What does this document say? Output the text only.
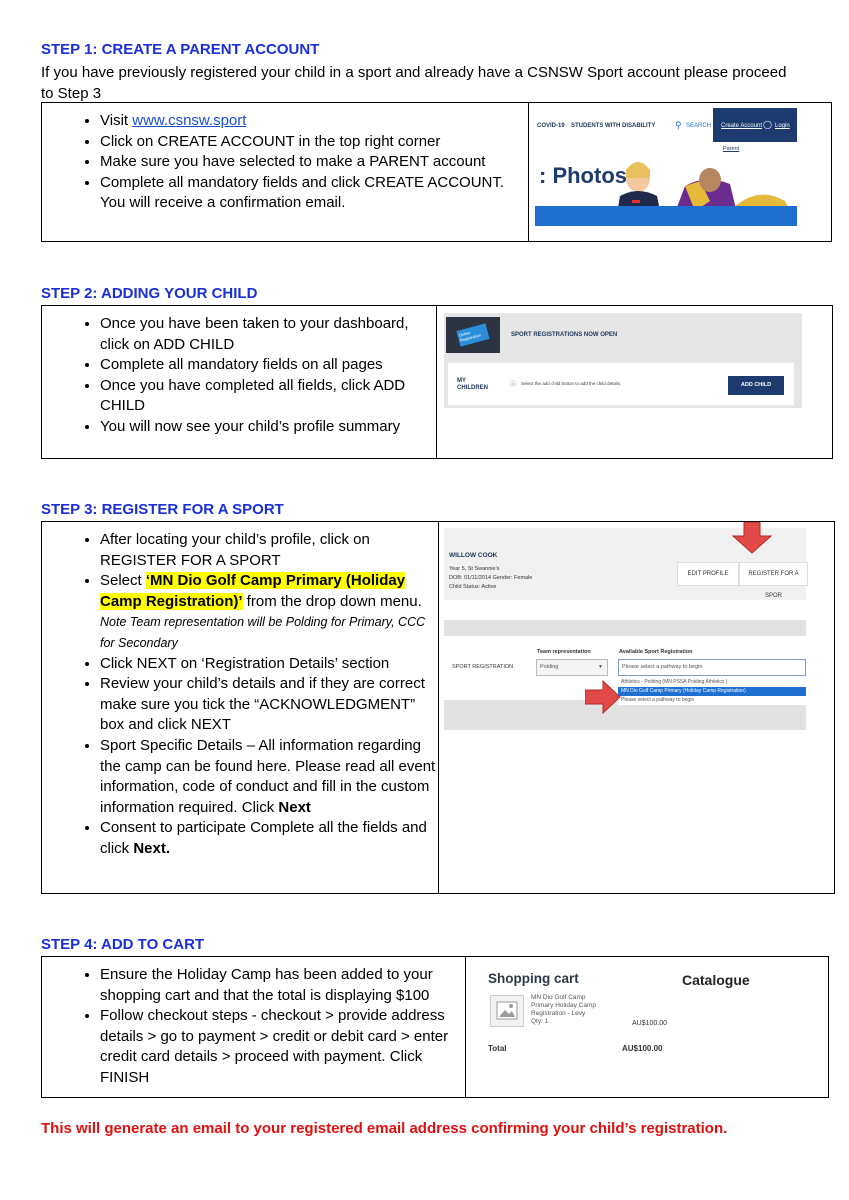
STEP 1: CREATE A PARENT ACCOUNT
If you have previously registered your child in a sport and already have a CSNSW Sport account please proceed to Step 3
• Visit www.csnsw.sport
• Click on CREATE ACCOUNT in the top right corner
• Make sure you have selected to make a PARENT account
• Complete all mandatory fields and click CREATE ACCOUNT. You will receive a confirmation email.
COVID-19 STUDENTS WITH DISABILITY ⚲ SEARCH Create Account ◯ Login
Parent
: Photos
STEP 2: ADDING YOUR CHILD
• Once you have been taken to your dashboard, click on ADD CHILD
• Complete all mandatory fields on all pages
• Once you have completed all fields, click ADD CHILD
• You will now see your child’s profile summary
Online Registration	SPORT REGISTRATIONS NOW OPEN
MY CHILDREN	ⓘ Select the add child button to add the child details.	ADD CHILD
STEP 3: REGISTER FOR A SPORT
• After locating your child’s profile, click on REGISTER FOR A SPORT
• Select ‘MN Dio Golf Camp Primary (Holiday Camp Registration)’ from the drop down menu. Note Team representation will be Polding for Primary, CCC for Secondary
• Click NEXT on ‘Registration Details’ section
• Review your child’s details and if they are correct make sure you tick the “ACKNOWLEDGMENT” box and click NEXT
• Sport Specific Details – All information regarding the camp can be found here. Please read all event information, code of conduct and fill in the custom information required. Click Next
• Consent to participate Complete all the fields and click Next.
WILLOW COOK
Year 5, St Swannie's
DOB: 01/11/2014 Gender: Female
Child Status: Active
EDIT PROFILE	REGISTER FOR A SPOR
SPORT REGISTRATION
Team representation
Polding	▼
Available Sport Registration
Please select a pathway to begin
Athletics - Polding (MN PSSA Polding Athletics )
MN Dio Golf Camp Primary (Holiday Camp Registration)
Please select a pathway to begin
STEP 4: ADD TO CART
• Ensure the Holiday Camp has been added to your shopping cart and that the total is displaying $100
• Follow checkout steps - checkout > provide address details > go to payment > credit or debit card > enter credit card details > proceed with payment. Click FINISH
Shopping cart	Catalogue
MN Dio Golf Camp
Primary Holiday Camp
Registration - Levy
Qty: 1	AU$100.00
Total	AU$100.00
This will generate an email to your registered email address confirming your child’s registration.
